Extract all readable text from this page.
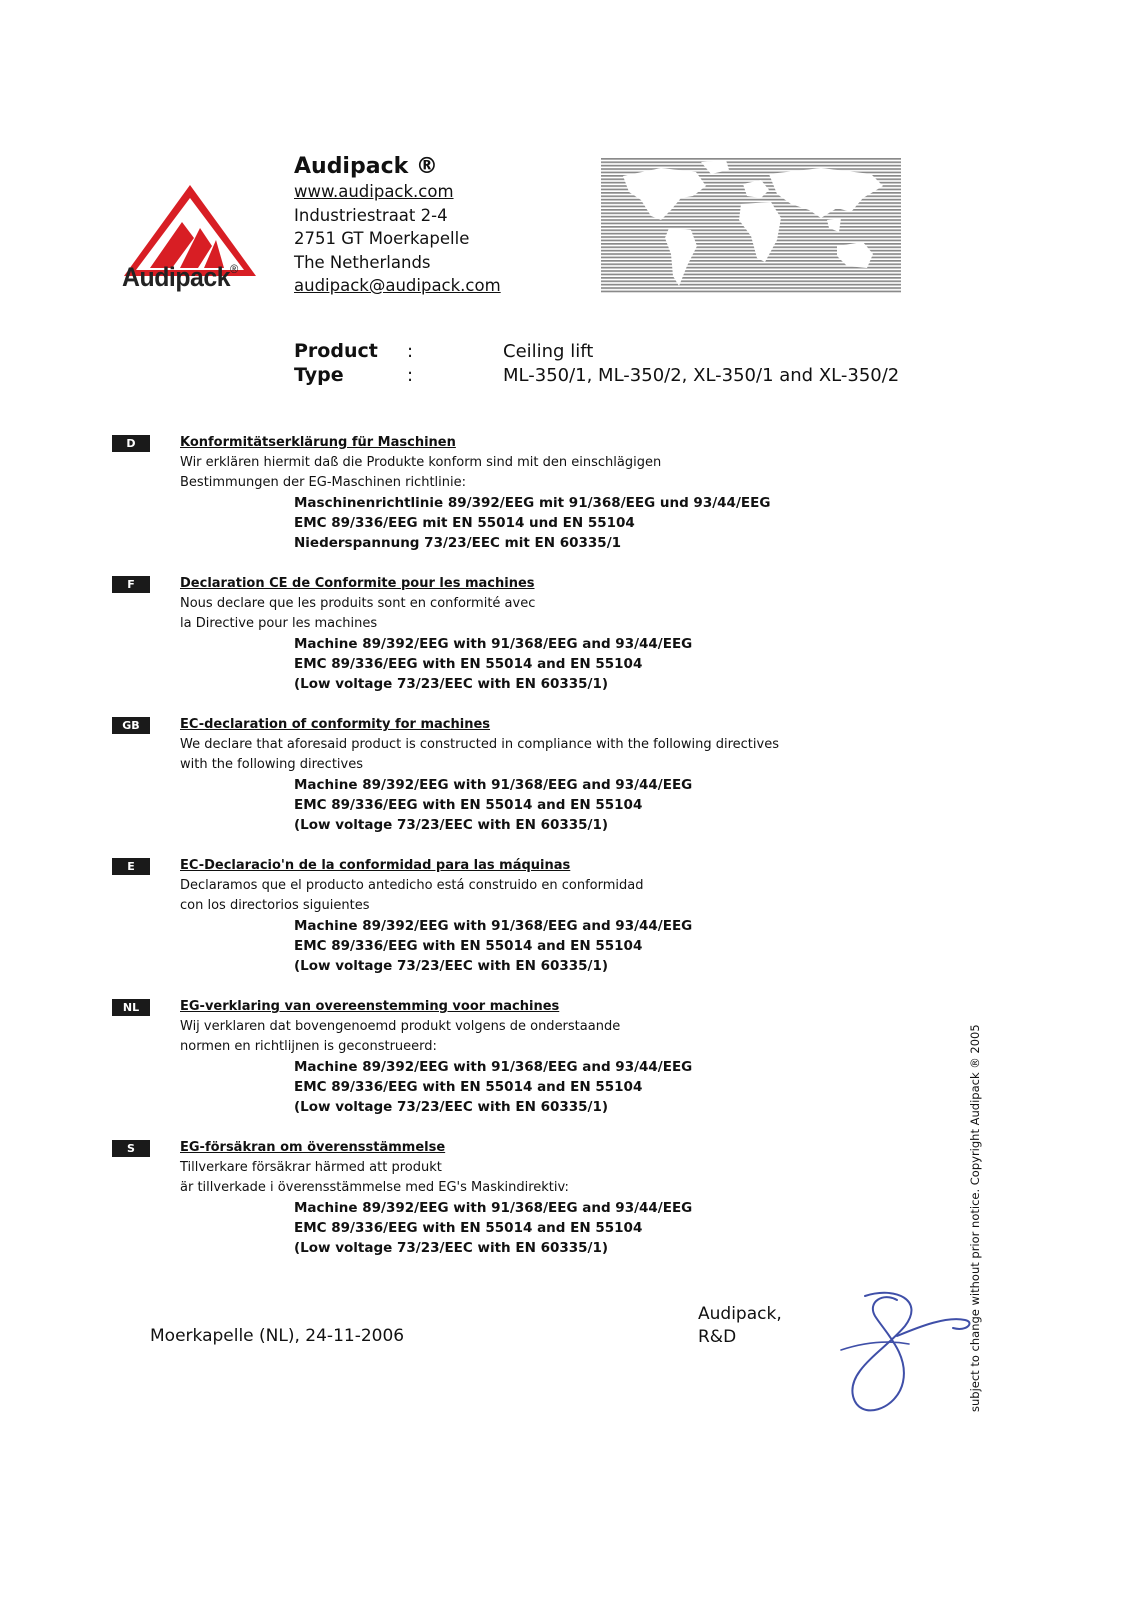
Audipack®
Audipack ®
www.audipack.com
Industriestraat 2-4
2751 GT Moerkapelle
The Netherlands
audipack@audipack.com
Product :	Ceiling lift
Type	:	ML-350/1, ML-350/2, XL-350/1 and XL-350/2
D	Konformitätserklärung für Maschinen
Wir erklären hiermit daß die Produkte konform sind mit den einschlägigen
Bestimmungen der EG-Maschinen richtlinie:
Maschinenrichtlinie 89/392/EEG mit 91/368/EEG und 93/44/EEG
EMC 89/336/EEG mit EN 55014 und EN 55104
Niederspannung 73/23/EEC mit EN 60335/1
F	Declaration CE de Conformite pour les machines
Nous declare que les produits sont en conformité avec
la Directive pour les machines
Machine 89/392/EEG with 91/368/EEG and 93/44/EEG
EMC 89/336/EEG with EN 55014 and EN 55104
(Low voltage 73/23/EEC with EN 60335/1)
GB	EC-declaration of conformity for machines
We declare that aforesaid product is constructed in compliance with the following directives
with the following directives
Machine 89/392/EEG with 91/368/EEG and 93/44/EEG
EMC 89/336/EEG with EN 55014 and EN 55104
(Low voltage 73/23/EEC with EN 60335/1)
E	EC-Declaracio'n de la conformidad para las máquinas
Declaramos que el producto antedicho está construido en conformidad
con los directorios siguientes
Machine 89/392/EEG with 91/368/EEG and 93/44/EEG
EMC 89/336/EEG with EN 55014 and EN 55104
(Low voltage 73/23/EEC with EN 60335/1)
NL	EG-verklaring van overeenstemming voor machines
Wij verklaren dat bovengenoemd produkt volgens de onderstaande
normen en richtlijnen is geconstrueerd:
Machine 89/392/EEG with 91/368/EEG and 93/44/EEG
EMC 89/336/EEG with EN 55014 and EN 55104
(Low voltage 73/23/EEC with EN 60335/1)
S	EG-försäkran om överensstämmelse
Tillverkare försäkrar härmed att produkt
är tillverkade i överensstämmelse med EG's Maskindirektiv:
Machine 89/392/EEG with 91/368/EEG and 93/44/EEG
EMC 89/336/EEG with EN 55014 and EN 55104
(Low voltage 73/23/EEC with EN 60335/1)
Moerkapelle (NL), 24-11-2006
Audipack,
R&D	subject to change without prior notice. Copyright Audipack ® 2005
